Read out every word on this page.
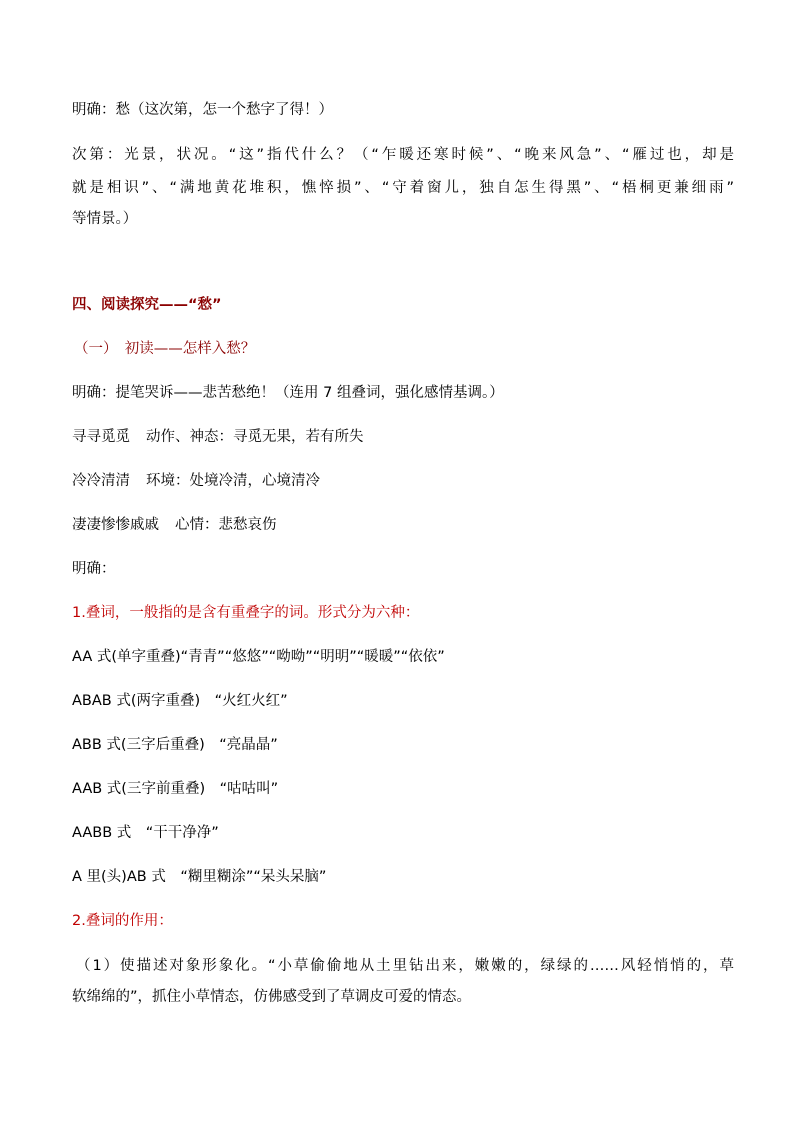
明确：愁（这次第，怎一个愁字了得！）
次第：光景，状况。“这”指代什么？（“乍暖还寒时候”、“晚来风急”、“雁过也，却是
就是相识”、“满地黄花堆积，憔悴损”、“守着窗儿，独自怎生得黑”、“梧桐更兼细雨”
等情景。）
四、阅读探究——“愁”
（一）　初读——怎样入愁？
明确：提笔哭诉——悲苦愁绝！（连用 7 组叠词，强化感情基调。）
寻寻觅觅 动作、神态：寻觅无果，若有所失
冷冷清清 环境：处境冷清，心境清冷
凄凄惨惨戚戚 心情：悲愁哀伤
明确：
1.叠词，一般指的是含有重叠字的词。形式分为六种：
AA 式(单字重叠)“青青”“悠悠”“呦呦”“明明”“暖暖”“依依”
ABAB 式(两字重叠)　“火红火红”
ABB 式(三字后重叠)　“亮晶晶”
AAB 式(三字前重叠)　“咕咕叫”
AABB 式　“干干净净”
A 里(头)AB 式　“糊里糊涂”“呆头呆脑”
2.叠词的作用：
（1）使描述对象形象化。“小草偷偷地从土里钻出来，嫩嫩的，绿绿的……风轻悄悄的，草
软绵绵的”，抓住小草情态，仿佛感受到了草调皮可爱的情态。
